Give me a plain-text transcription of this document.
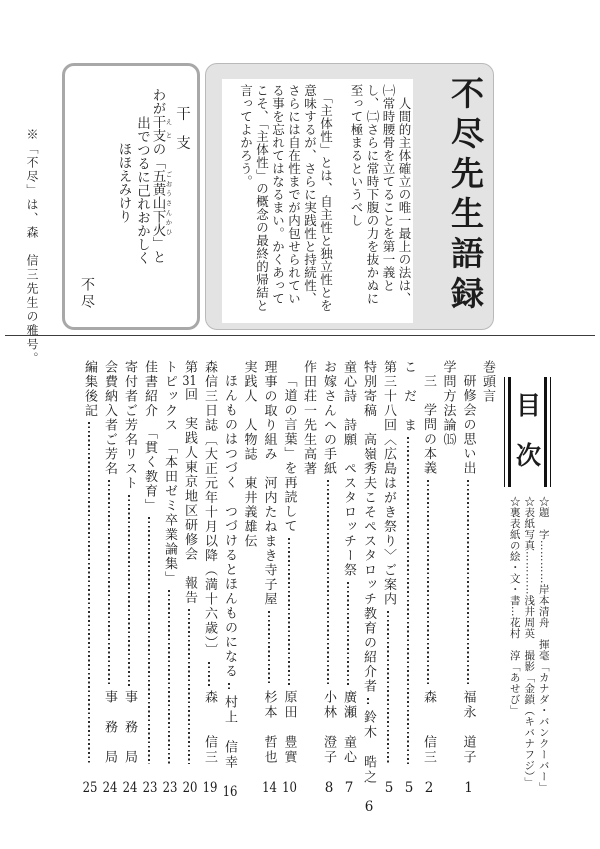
干　支
わが干支 えとの「五黄山下火 ごおうさんかひ」と
出でつるに己れおかしく
ほほえみけり
不尽	　人間的主体確立の唯一最上の法は、
㈠常時腰骨を立てることを第一義と
し、㈡さらに常時下腹の力を抜かぬに
至って極まるというべし
　「主体性」とは、自主性と独立性とを
意味するが、さらに実践性と持続性、
さらには自在性までが内包せられてい
る事を忘れてはなるまい。かくあって
こそ、「主体性」の概念の最終的帰結と
言ってよかろう。	不尽先生語録
※「不尽」は、森　信三先生の雅号。
目　次
☆題　字…………岸本清舟　揮毫「カナダ・バンクーバー」
☆表紙写真…………浅井周英　撮影「金鎖（キバナフジ）」
☆裏表紙の絵・文・書…花村　淳「あせび」
巻頭言
研修会の思い出
福永　道子
1
学問方法論⒂
三　学問の本義
森　　信三
2
こ　だ　ま
5
第三十八回〈広島はがき祭り〉ご案内
5
特別寄稿　高嶺秀夫こそペスタロッチ教育の紹介者
鈴木　晧之
6
童心詩　詩願　ペスタロッチー祭
廣瀬　童心
7
お嫁さんへの手紙
小林　澄子
8
作田荘一先生高著
「道の言葉」を再読して
原田　豊實
10
理事の取り組み　河内たねまき寺子屋
杉本　哲也
14
実践人　人物誌　東井義雄伝
ほんものはつづく　つづけるとほんものになる
村上　信幸
16
森信三日誌〔大正元年十月以降（満十六歳）〕
森　　信三
19
第31回　実践人東京地区研修会　報告
20
トピックス　「本田ゼミ卒業論集」
23
佳書紹介　「貫く教育」
23
寄付者ご芳名リスト
事　務　局
24
会費納入者ご芳名
事　務　局
24
編集後記
25
